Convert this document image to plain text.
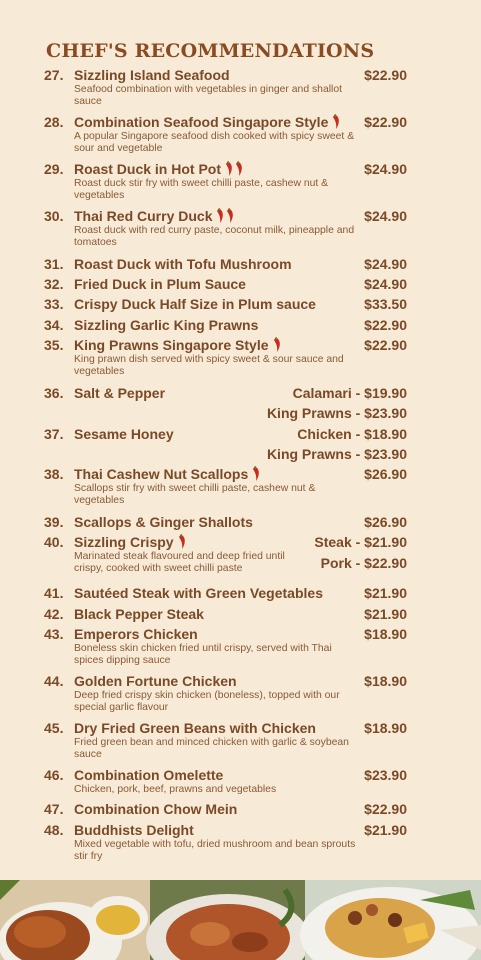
CHEF'S RECOMMENDATIONS
27. Sizzling Island Seafood	$22.90
Seafood combination with vegetables in ginger and shallot sauce
28. Combination Seafood Singapore Style	$22.90
A popular Singapore seafood dish cooked with spicy sweet & sour and vegetable
29. Roast Duck in Hot Pot	$24.90
Roast duck stir fry with sweet chilli paste, cashew nut & vegetables
30. Thai Red Curry Duck	$24.90
Roast duck with red curry paste, coconut milk, pineapple and tomatoes
31. Roast Duck with Tofu Mushroom	$24.90
32. Fried Duck in Plum Sauce	$24.90
33. Crispy Duck Half Size in Plum sauce	$33.50
34. Sizzling Garlic King Prawns	$22.90
35. King Prawns Singapore Style	$22.90
King prawn dish served with spicy sweet & sour sauce and vegetables
36. Salt & Pepper	Calamari - $19.90
King Prawns - $23.90
37. Sesame Honey	Chicken - $18.90
King Prawns - $23.90
38. Thai Cashew Nut Scallops	$26.90
Scallops stir fry with sweet chilli paste, cashew nut & vegetables
39. Scallops & Ginger Shallots	$26.90
40. Sizzling Crispy	Steak - $21.90
Marinated steak flavoured and deep fried until crispy, cooked with sweet chilli paste	Pork - $22.90
41. Sautéed Steak with Green Vegetables	$21.90
42. Black Pepper Steak	$21.90
43. Emperors Chicken	$18.90
Boneless skin chicken fried until crispy, served with Thai spices dipping sauce
44. Golden Fortune Chicken	$18.90
Deep fried crispy skin chicken (boneless), topped with our special garlic flavour
45. Dry Fried Green Beans with Chicken	$18.90
Fried green bean and minced chicken with garlic & soybean sauce
46. Combination Omelette	$23.90
Chicken, pork, beef, prawns and vegetables
47. Combination Chow Mein	$22.90
48. Buddhists Delight	$21.90
Mixed vegetable with tofu, dried mushroom and bean sprouts stir fry
